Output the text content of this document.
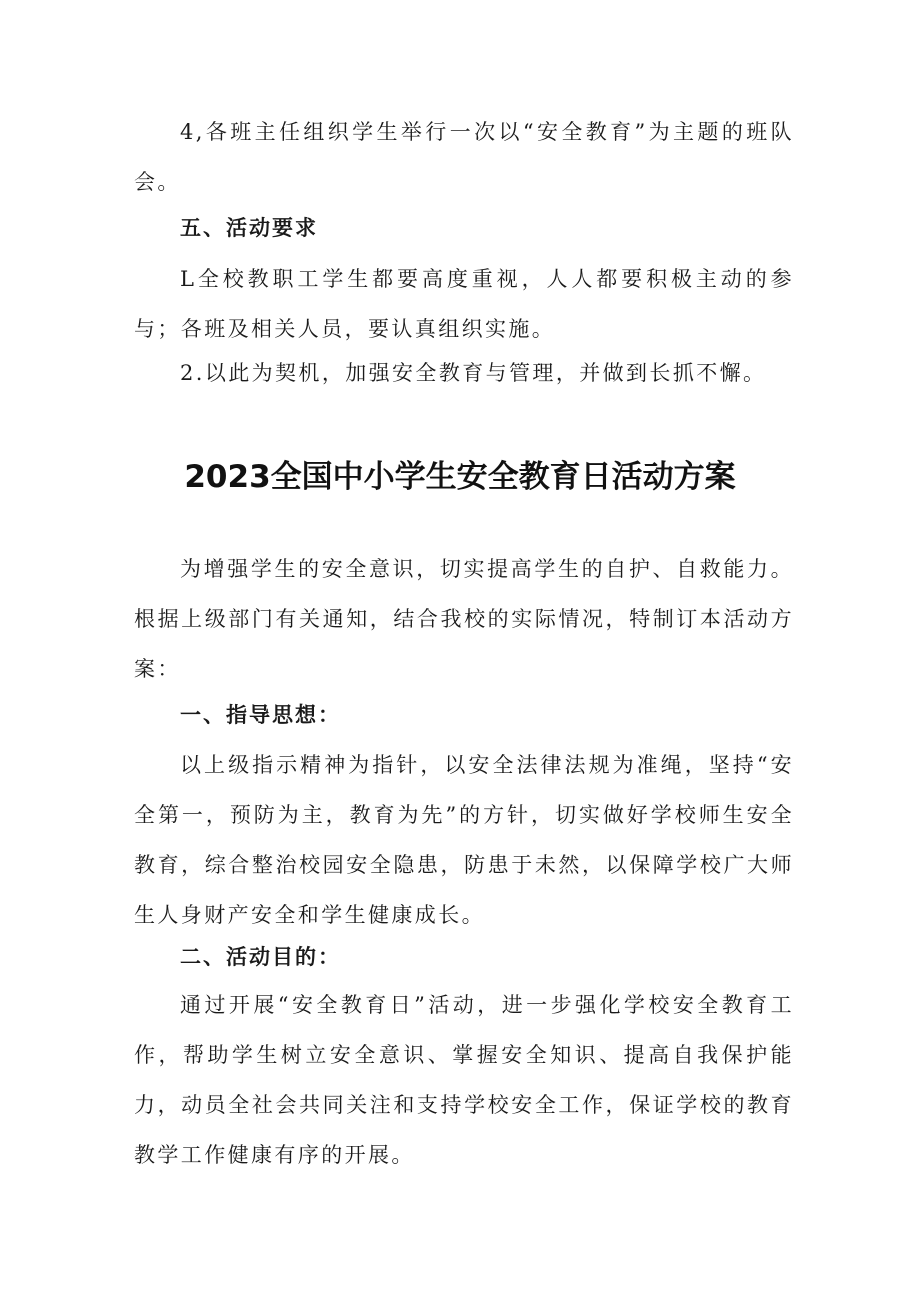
4,各班主任组织学生举行一次以“安全教育”为主题的班队会。

五、活动要求

L全校教职工学生都要高度重视，人人都要积极主动的参与；各班及相关人员，要认真组织实施。

2.以此为契机，加强安全教育与管理，并做到长抓不懈。

2023全国中小学生安全教育日活动方案

为增强学生的安全意识，切实提高学生的自护、自救能力。根据上级部门有关通知，结合我校的实际情况，特制订本活动方案：

一、指导思想：

以上级指示精神为指针，以安全法律法规为准绳，坚持“安全第一，预防为主，教育为先”的方针，切实做好学校师生安全教育，综合整治校园安全隐患，防患于未然，以保障学校广大师生人身财产安全和学生健康成长。

二、活动目的：

通过开展“安全教育日”活动，进一步强化学校安全教育工作，帮助学生树立安全意识、掌握安全知识、提高自我保护能力，动员全社会共同关注和支持学校安全工作，保证学校的教育教学工作健康有序的开展。
